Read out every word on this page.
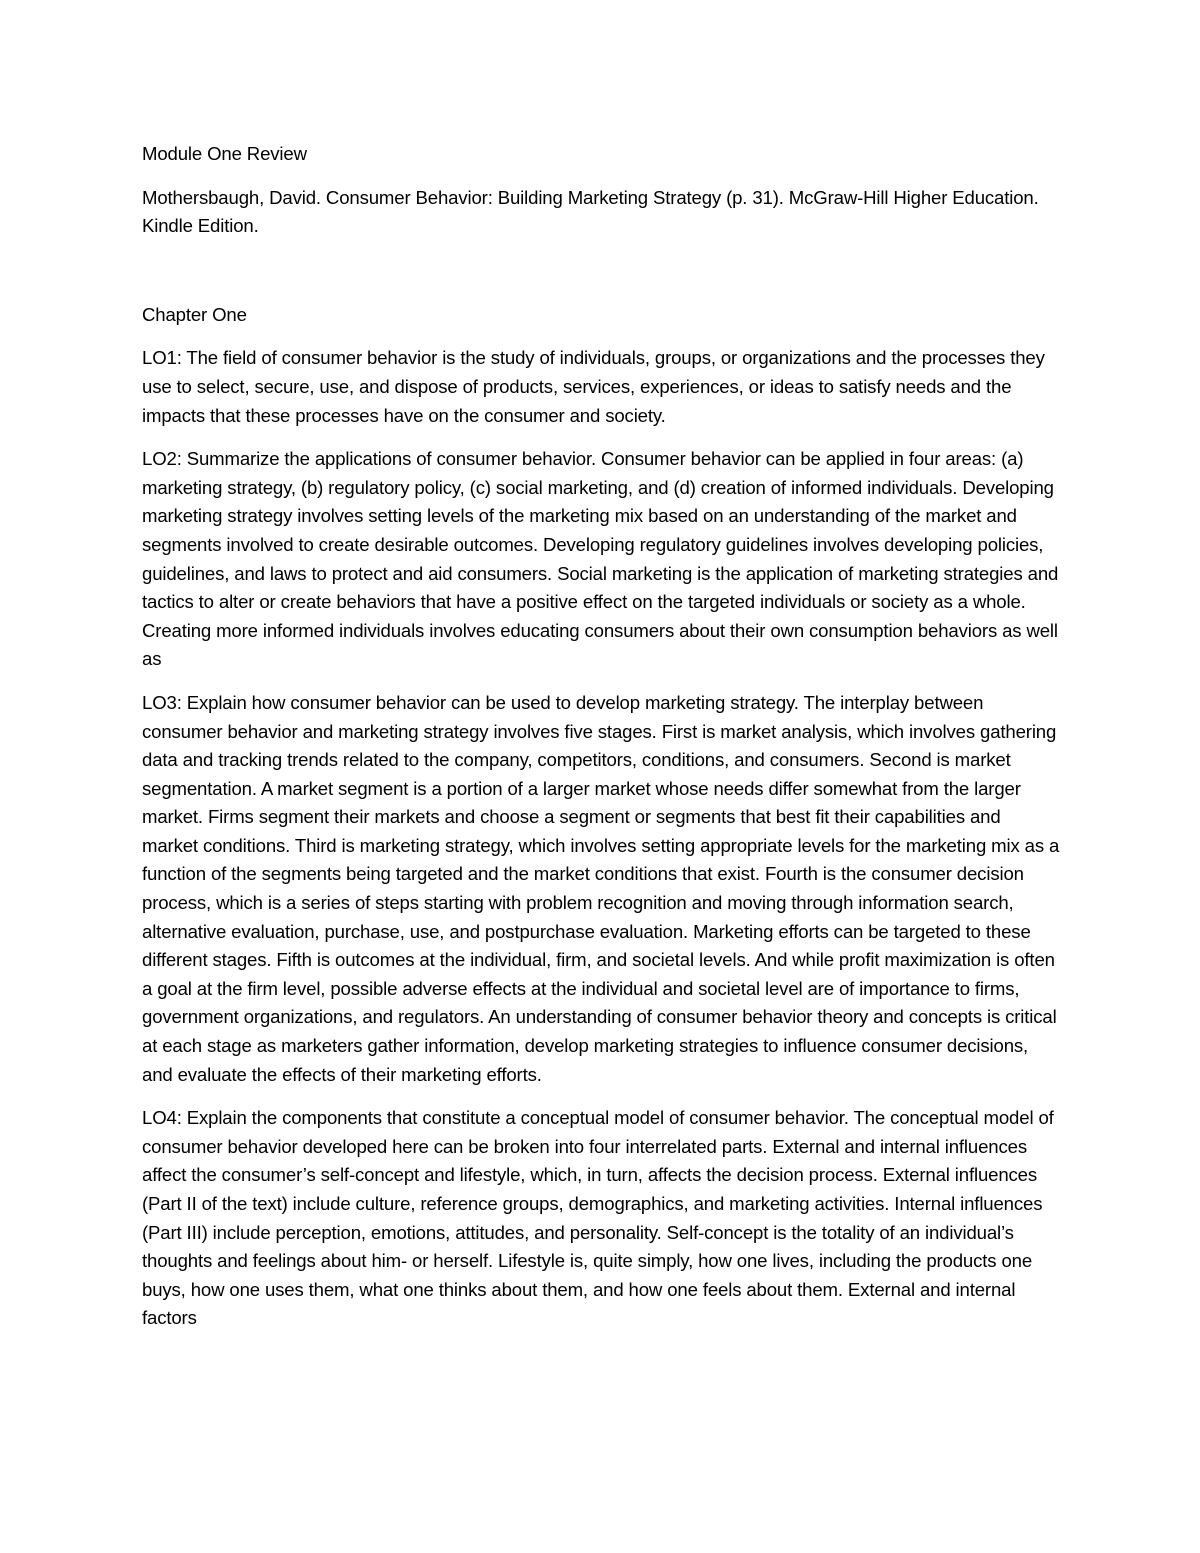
Module One Review

Mothersbaugh, David. Consumer Behavior: Building Marketing Strategy (p. 31). McGraw-Hill Higher Education. Kindle Edition.

Chapter One

LO1: The field of consumer behavior is the study of individuals, groups, or organizations and the processes they use to select, secure, use, and dispose of products, services, experiences, or ideas to satisfy needs and the impacts that these processes have on the consumer and society.

LO2: Summarize the applications of consumer behavior. Consumer behavior can be applied in four areas: (a) marketing strategy, (b) regulatory policy, (c) social marketing, and (d) creation of informed individuals. Developing marketing strategy involves setting levels of the marketing mix based on an understanding of the market and segments involved to create desirable outcomes. Developing regulatory guidelines involves developing policies, guidelines, and laws to protect and aid consumers. Social marketing is the application of marketing strategies and tactics to alter or create behaviors that have a positive effect on the targeted individuals or society as a whole. Creating more informed individuals involves educating consumers about their own consumption behaviors as well as

LO3: Explain how consumer behavior can be used to develop marketing strategy. The interplay between consumer behavior and marketing strategy involves five stages. First is market analysis, which involves gathering data and tracking trends related to the company, competitors, conditions, and consumers. Second is market segmentation. A market segment is a portion of a larger market whose needs differ somewhat from the larger market. Firms segment their markets and choose a segment or segments that best fit their capabilities and market conditions. Third is marketing strategy, which involves setting appropriate levels for the marketing mix as a function of the segments being targeted and the market conditions that exist. Fourth is the consumer decision process, which is a series of steps starting with problem recognition and moving through information search, alternative evaluation, purchase, use, and postpurchase evaluation. Marketing efforts can be targeted to these different stages. Fifth is outcomes at the individual, firm, and societal levels. And while profit maximization is often a goal at the firm level, possible adverse effects at the individual and societal level are of importance to firms, government organizations, and regulators. An understanding of consumer behavior theory and concepts is critical at each stage as marketers gather information, develop marketing strategies to influence consumer decisions, and evaluate the effects of their marketing efforts.

LO4: Explain the components that constitute a conceptual model of consumer behavior. The conceptual model of consumer behavior developed here can be broken into four interrelated parts. External and internal influences affect the consumer’s self-concept and lifestyle, which, in turn, affects the decision process. External influences (Part II of the text) include culture, reference groups, demographics, and marketing activities. Internal influences (Part III) include perception, emotions, attitudes, and personality. Self-concept is the totality of an individual’s thoughts and feelings about him- or herself. Lifestyle is, quite simply, how one lives, including the products one buys, how one uses them, what one thinks about them, and how one feels about them. External and internal factors
